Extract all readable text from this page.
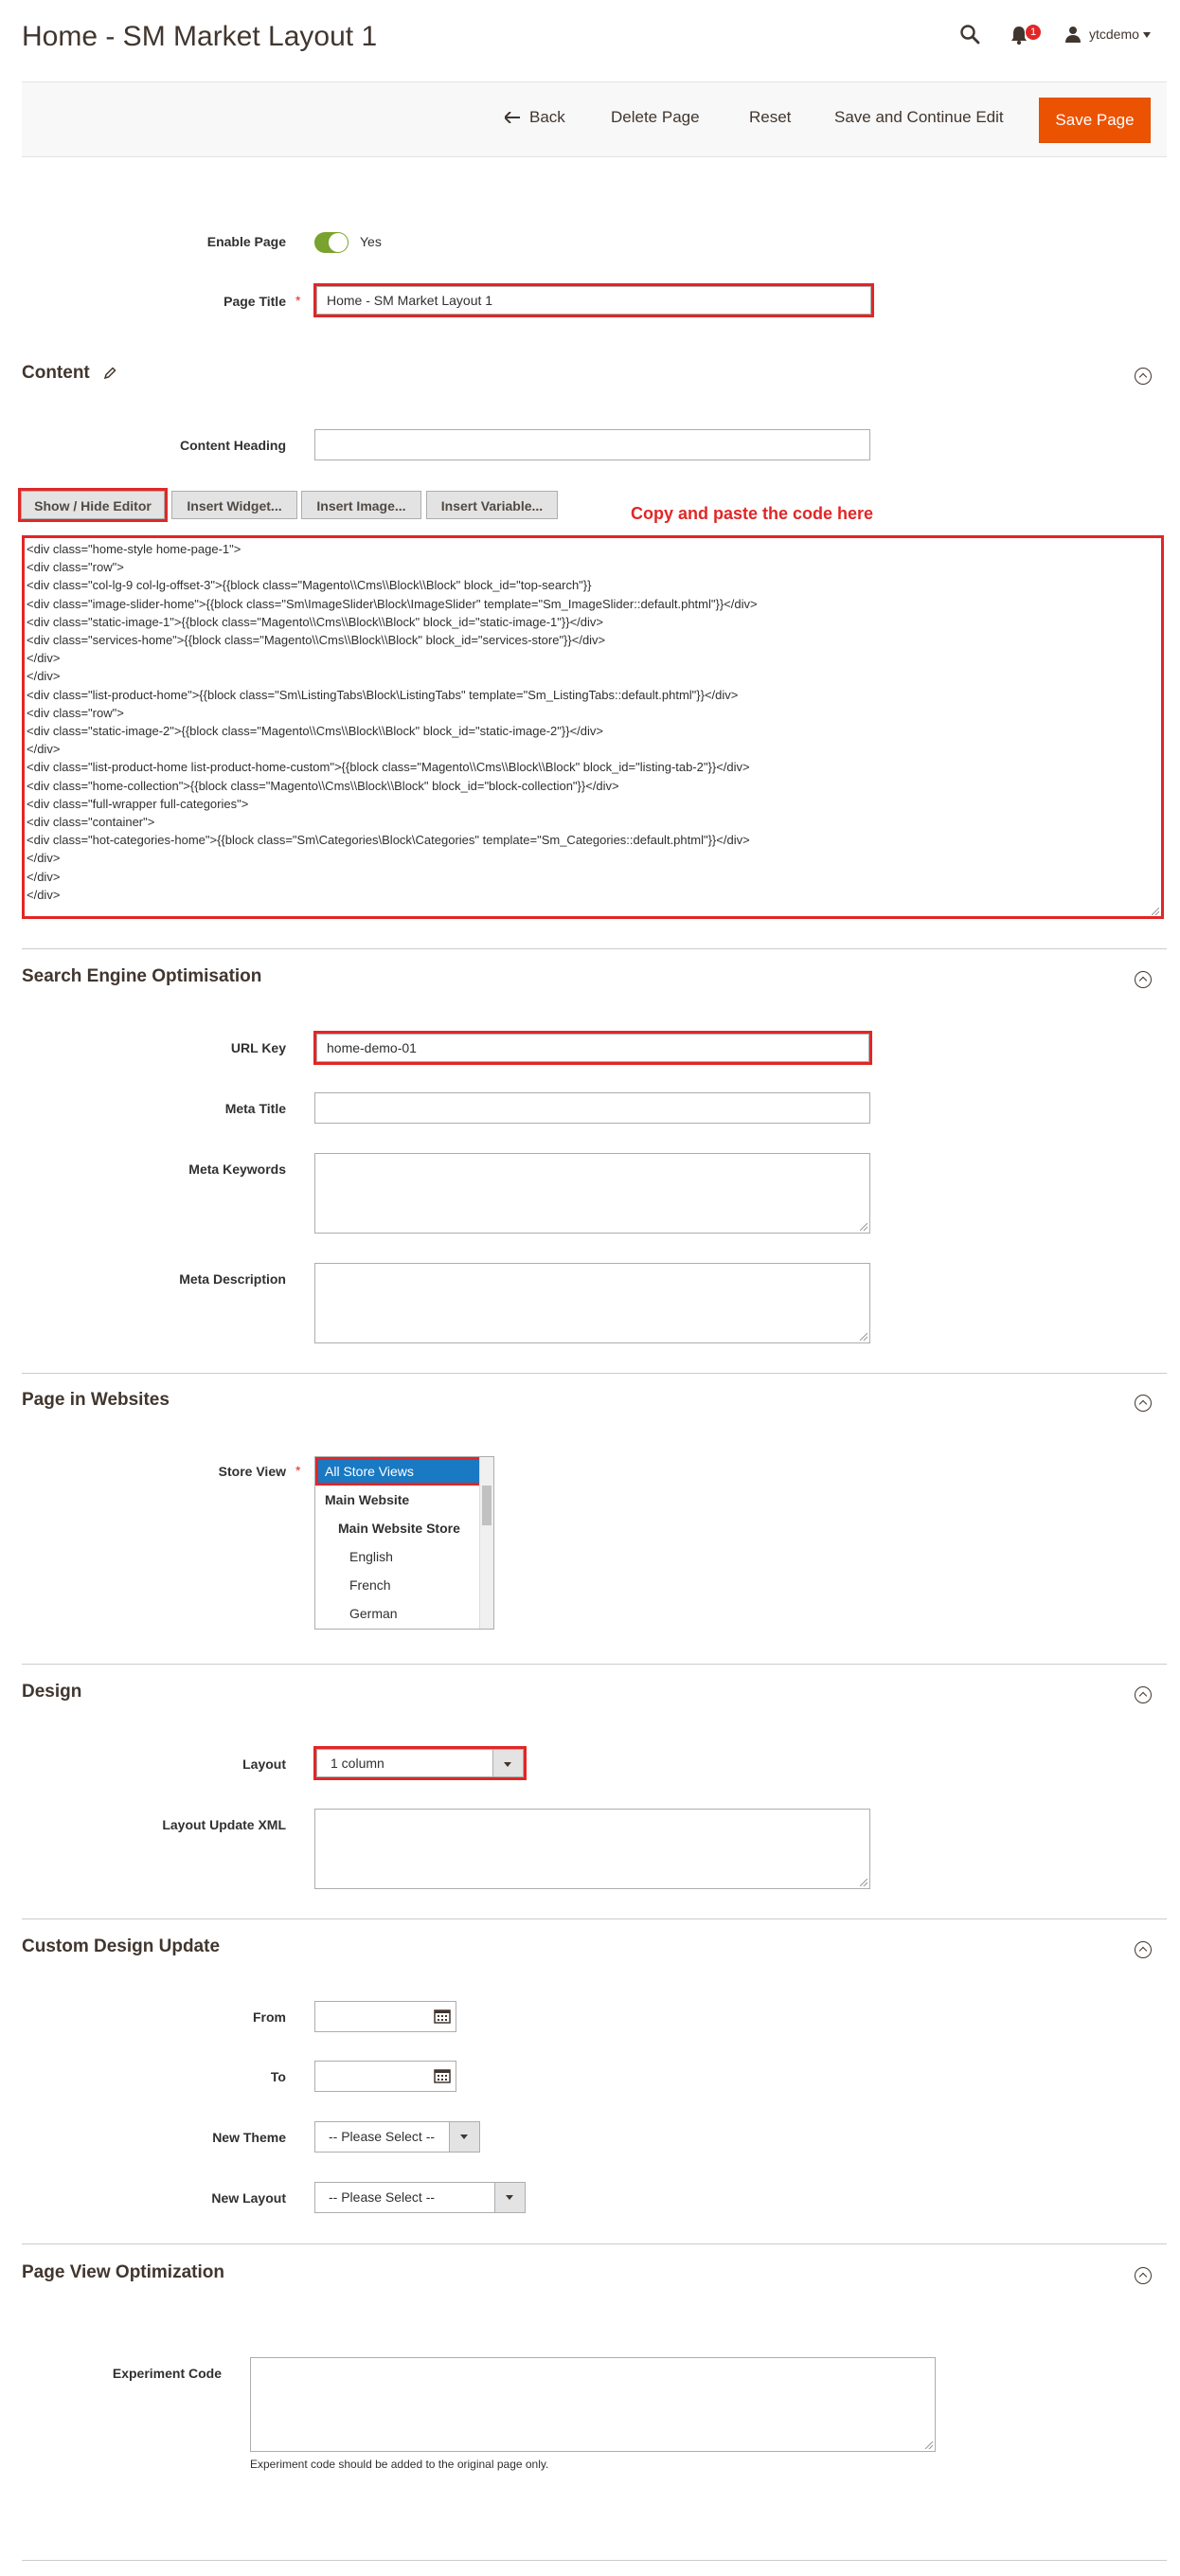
Home - SM Market Layout 1	1	ytcdemo
Back	Delete Page	Reset	Save and Continue Edit	Save Page
Enable Page	Yes
Page Title *	Home - SM Market Layout 1
Content
Content Heading
Show / Hide Editor	Insert Widget...	Insert Image...	Insert Variable...	Copy and paste the code here
<div class="home-style home-page-1">
<div class="row">
<div class="col-lg-9 col-lg-offset-3">{{block class="Magento\\Cms\\Block\\Block" block_id="top-search"}}
<div class="image-slider-home">{{block class="Sm\ImageSlider\Block\ImageSlider" template="Sm_ImageSlider::default.phtml"}}</div>
<div class="static-image-1">{{block class="Magento\\Cms\\Block\\Block" block_id="static-image-1"}}</div>
<div class="services-home">{{block class="Magento\\Cms\\Block\\Block" block_id="services-store"}}</div>
</div>
</div>
<div class="list-product-home">{{block class="Sm\ListingTabs\Block\ListingTabs" template="Sm_ListingTabs::default.phtml"}}</div>
<div class="row">
<div class="static-image-2">{{block class="Magento\\Cms\\Block\\Block" block_id="static-image-2"}}</div>
</div>
<div class="list-product-home list-product-home-custom">{{block class="Magento\\Cms\\Block\\Block" block_id="listing-tab-2"}}</div>
<div class="home-collection">{{block class="Magento\\Cms\\Block\\Block" block_id="block-collection"}}</div>
<div class="full-wrapper full-categories">
<div class="container">
<div class="hot-categories-home">{{block class="Sm\Categories\Block\Categories" template="Sm_Categories::default.phtml"}}</div>
</div>
</div>
</div>
Search Engine Optimisation
URL Key	home-demo-01
Meta Title
Meta Keywords
Meta Description
Page in Websites
Store View *	All Store Views
Main Website
Main Website Store
English
French
German
Design
Layout	1 column
Layout Update XML
Custom Design Update
From
To
New Theme	-- Please Select --
New Layout	-- Please Select --
Page View Optimization
Experiment Code
Experiment code should be added to the original page only.
